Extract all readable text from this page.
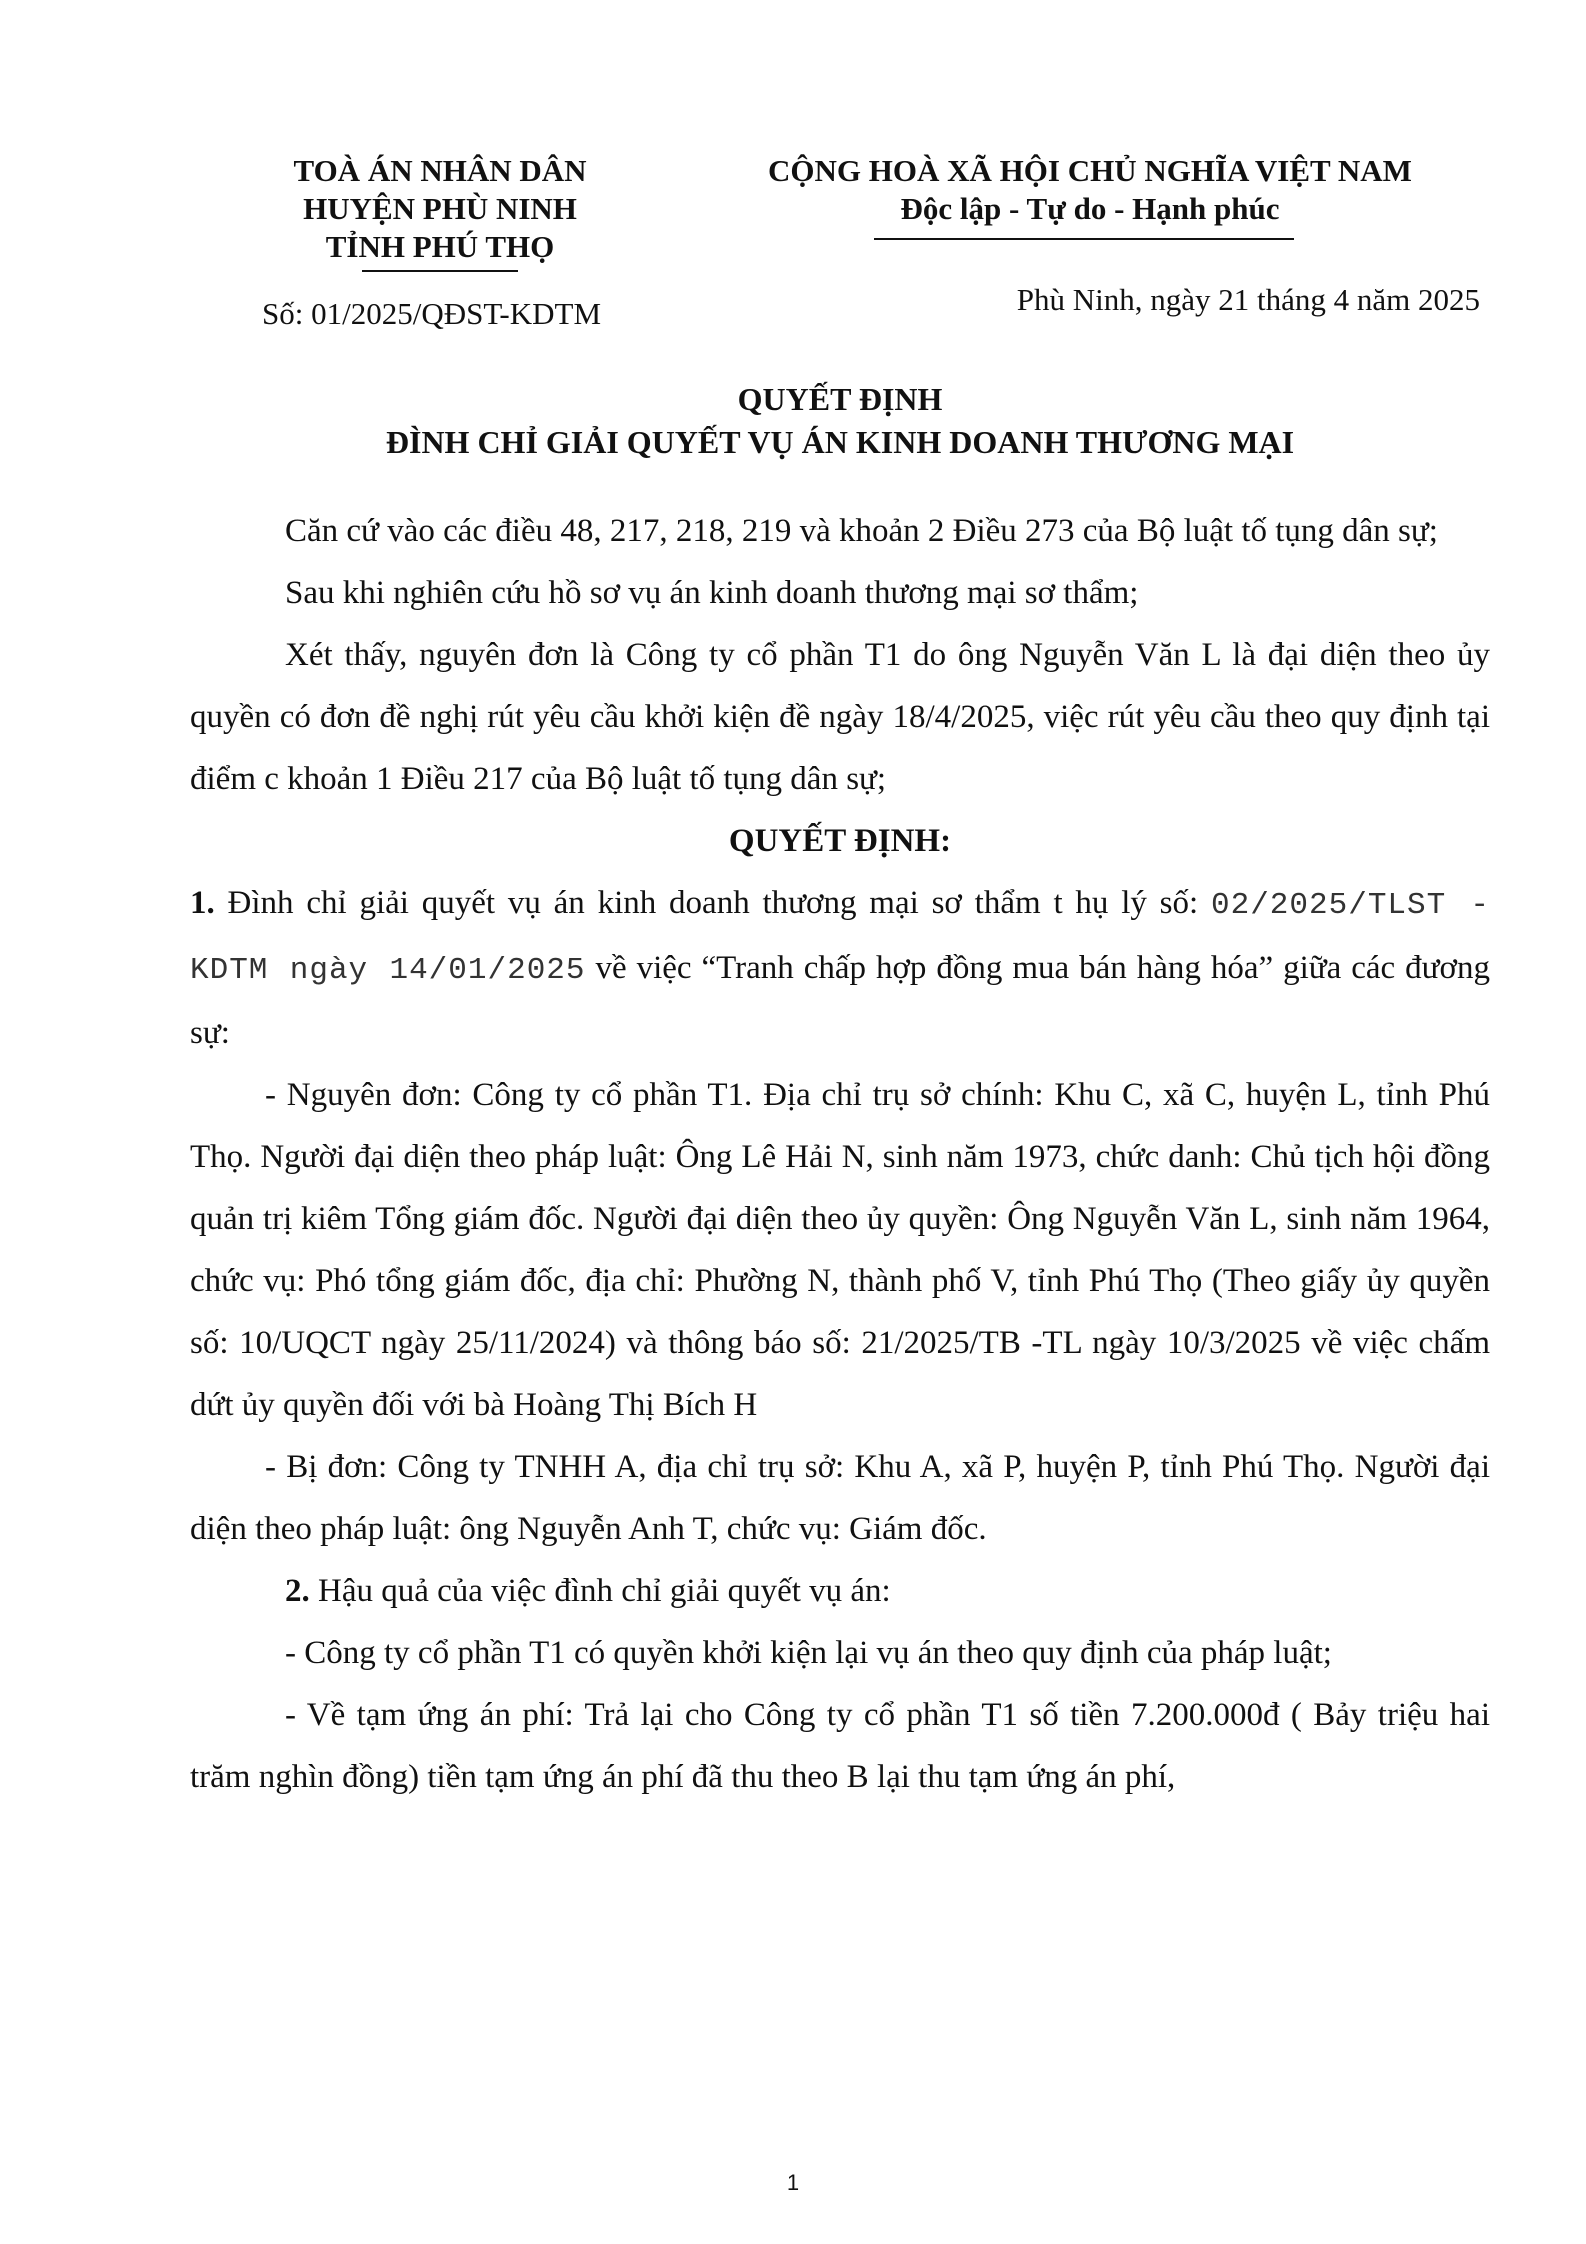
TOÀ ÁN NHÂN DÂN
HUYỆN PHÙ NINH
TỈNH PHÚ THỌ
Số: 01/2025/QĐST-KDTM
CỘNG HOÀ XÃ HỘI CHỦ NGHĨA VIỆT NAM
Độc lập - Tự do - Hạnh phúc
Phù Ninh, ngày 21 tháng 4 năm 2025
QUYẾT ĐỊNH
ĐÌNH CHỈ GIẢI QUYẾT VỤ ÁN KINH DOANH THƯƠNG MẠI

Căn cứ vào các điều 48, 217, 218, 219 và khoản 2 Điều 273 của Bộ luật tố tụng dân sự;

Sau khi nghiên cứu hồ sơ vụ án kinh doanh thương mại sơ thẩm;

Xét thấy, nguyên đơn là Công ty cổ phần T1 do ông Nguyễn Văn L là đại diện theo ủy quyền có đơn đề nghị rút yêu cầu khởi kiện đề ngày 18/4/2025, việc rút yêu cầu theo quy định tại điểm c khoản 1 Điều 217 của Bộ luật tố tụng dân sự;

QUYẾT ĐỊNH:

1. Đình chỉ giải quyết vụ án kinh doanh thương mại sơ thẩm t hụ lý số: 02/2025/TLST - KDTM ngày 14/01/2025 về việc “Tranh chấp hợp đồng mua bán hàng hóa” giữa các đương sự:

- Nguyên đơn: Công ty cổ phần T1. Địa chỉ trụ sở chính: Khu C, xã C, huyện L, tỉnh Phú Thọ. Người đại diện theo pháp luật: Ông Lê Hải N, sinh năm 1973, chức danh: Chủ tịch hội đồng quản trị kiêm Tổng giám đốc. Người đại diện theo ủy quyền: Ông Nguyễn Văn L, sinh năm 1964, chức vụ: Phó tổng giám đốc, địa chỉ: Phường N, thành phố V, tỉnh Phú Thọ (Theo giấy ủy quyền số: 10/UQCT ngày 25/11/2024) và thông báo số: 21/2025/TB -TL ngày 10/3/2025 về việc chấm dứt ủy quyền đối với bà Hoàng Thị Bích H

- Bị đơn: Công ty TNHH A, địa chỉ trụ sở: Khu A, xã P, huyện P, tỉnh Phú Thọ. Người đại diện theo pháp luật: ông Nguyễn Anh T, chức vụ: Giám đốc.

2. Hậu quả của việc đình chỉ giải quyết vụ án:

- Công ty cổ phần T1 có quyền khởi kiện lại vụ án theo quy định của pháp luật;

- Về tạm ứng án phí: Trả lại cho Công ty cổ phần T1 số tiền 7.200.000đ ( Bảy triệu hai trăm nghìn đồng) tiền tạm ứng án phí đã thu theo B lại thu tạm ứng án phí,

1
